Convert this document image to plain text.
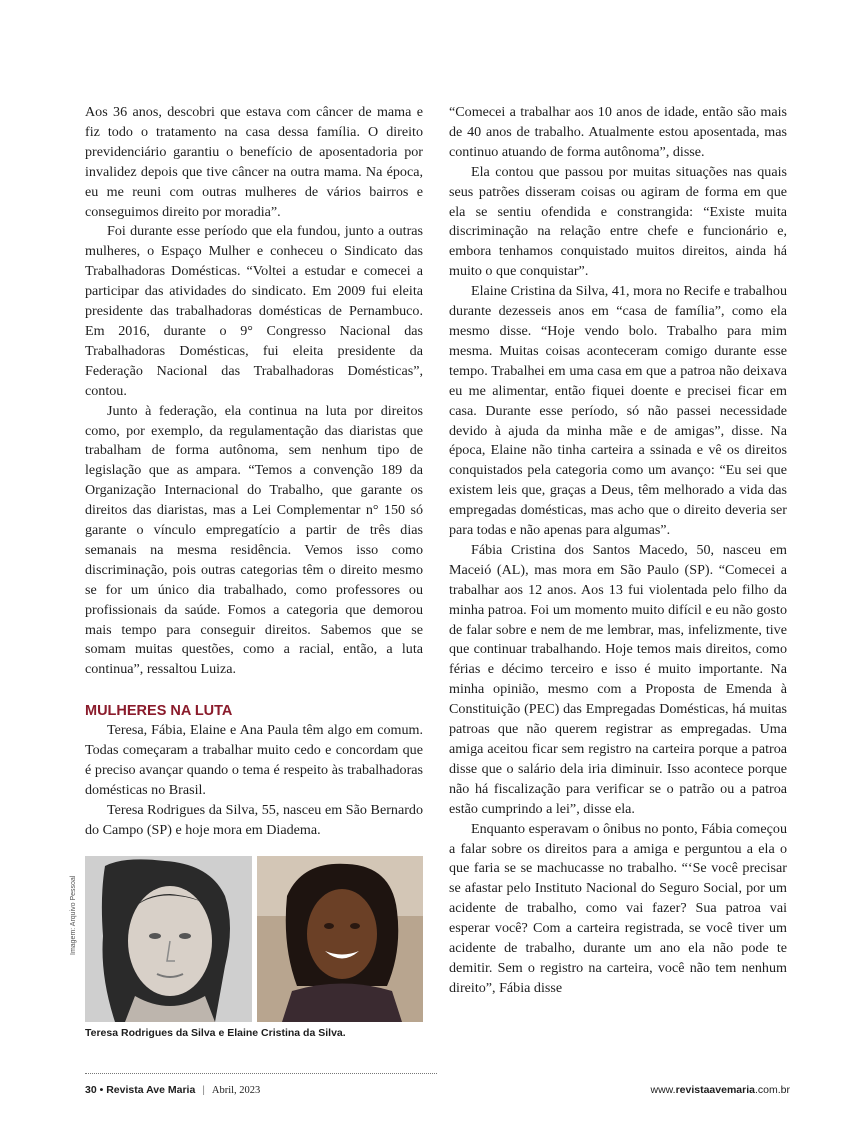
Aos 36 anos, descobri que estava com câncer de mama e fiz todo o tratamento na casa dessa família. O direito previdenciário garantiu o benefício de aposentadoria por invalidez depois que tive câncer na outra mama. Na época, eu me reuni com outras mulheres de vários bairros e conseguimos direito por moradia”.

Foi durante esse período que ela fundou, junto a outras mulheres, o Espaço Mulher e conheceu o Sindicato das Trabalhadoras Domésticas. “Voltei a estudar e comecei a participar das atividades do sindicato. Em 2009 fui eleita presidente das trabalhadoras domésticas de Pernambuco. Em 2016, durante o 9° Congresso Nacional das Trabalhadoras Domésticas, fui eleita presidente da Federação Nacional das Trabalhadoras Domésticas”, contou.

Junto à federação, ela continua na luta por direitos como, por exemplo, da regulamentação das diaristas que trabalham de forma autônoma, sem nenhum tipo de legislação que as ampara. “Temos a convenção 189 da Organização Internacional do Trabalho, que garante os direitos das diaristas, mas a Lei Complementar n° 150 só garante o vínculo empregatício a partir de três dias semanais na mesma residência. Vemos isso como discriminação, pois outras categorias têm o direito mesmo se for um único dia trabalhado, como professores ou profissionais da saúde. Fomos a categoria que demorou mais tempo para conseguir direitos. Sabemos que se somam muitas questões, como a racial, então, a luta continua”, ressaltou Luiza.

MULHERES NA LUTA

Teresa, Fábia, Elaine e Ana Paula têm algo em comum. Todas começaram a trabalhar muito cedo e concordam que é preciso avançar quando o tema é respeito às trabalhadoras domésticas no Brasil.

Teresa Rodrigues da Silva, 55, nasceu em São Bernardo do Campo (SP) e hoje mora em Diadema.

“Comecei a trabalhar aos 10 anos de idade, então são mais de 40 anos de trabalho. Atualmente estou aposentada, mas continuo atuando de forma autônoma”, disse.

Ela contou que passou por muitas situações nas quais seus patrões disseram coisas ou agiram de forma em que ela se sentiu ofendida e constrangida: “Existe muita discriminação na relação entre chefe e funcionário e, embora tenhamos conquistado muitos direitos, ainda há muito o que conquistar”.

Elaine Cristina da Silva, 41, mora no Recife e trabalhou durante dezesseis anos em “casa de família”, como ela mesmo disse. “Hoje vendo bolo. Trabalho para mim mesma. Muitas coisas aconteceram comigo durante esse tempo. Trabalhei em uma casa em que a patroa não deixava eu me alimentar, então fiquei doente e precisei ficar em casa. Durante esse período, só não passei necessidade devido à ajuda da minha mãe e de amigas”, disse. Na época, Elaine não tinha carteira a ssinada e vê os direitos conquistados pela categoria como um avanço: “Eu sei que existem leis que, graças a Deus, têm melhorado a vida das empregadas domésticas, mas acho que o direito deveria ser para todas e não apenas para algumas”.

Fábia Cristina dos Santos Macedo, 50, nasceu em Maceió (AL), mas mora em São Paulo (SP). “Comecei a trabalhar aos 12 anos. Aos 13 fui violentada pelo filho da minha patroa. Foi um momento muito difícil e eu não gosto de falar sobre e nem de me lembrar, mas, infelizmente, tive que continuar trabalhando. Hoje temos mais direitos, como férias e décimo terceiro e isso é muito importante. Na minha opinião, mesmo com a Proposta de Emenda à Constituição (PEC) das Empregadas Domésticas, há muitas patroas que não querem registrar as empregadas. Uma amiga aceitou ficar sem registro na carteira porque a patroa disse que o salário dela iria diminuir. Isso acontece porque não há fiscalização para verificar se o patrão ou a patroa estão cumprindo a lei”, disse ela.

Enquanto esperavam o ônibus no ponto, Fábia começou a falar sobre os direitos para a amiga e perguntou a ela o que faria se se machucasse no trabalho. “‘Se você precisar se afastar pelo Instituto Nacional do Seguro Social, por um acidente de trabalho, como vai fazer? Sua patroa vai esperar você? Com a carteira registrada, se você tiver um acidente de trabalho, durante um ano ela não pode te demitir. Sem o registro na carteira, você não tem nenhum direito”, Fábia disse

Imagem: Arquivo Pessoal
Teresa Rodrigues da Silva e Elaine Cristina da Silva.
30 • Revista Ave Maria | Abril, 2023	www.revistaavemaria.com.br
